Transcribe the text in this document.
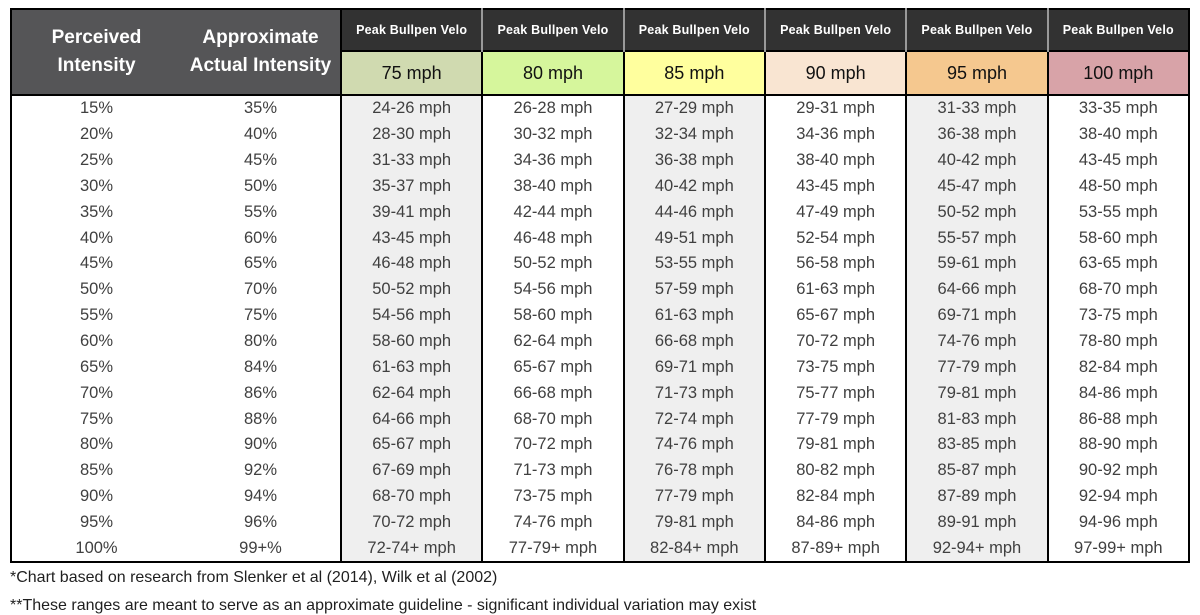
Perceived Intensity	Approximate Actual Intensity	Peak Bullpen Velo	Peak Bullpen Velo	Peak Bullpen Velo	Peak Bullpen Velo	Peak Bullpen Velo	Peak Bullpen Velo
		75 mph	80 mph	85 mph	90 mph	95 mph	100 mph
15%	35%	24-26 mph	26-28 mph	27-29 mph	29-31 mph	31-33 mph	33-35 mph
20%	40%	28-30 mph	30-32 mph	32-34 mph	34-36 mph	36-38 mph	38-40 mph
25%	45%	31-33 mph	34-36 mph	36-38 mph	38-40 mph	40-42 mph	43-45 mph
30%	50%	35-37 mph	38-40 mph	40-42 mph	43-45 mph	45-47 mph	48-50 mph
35%	55%	39-41 mph	42-44 mph	44-46 mph	47-49 mph	50-52 mph	53-55 mph
40%	60%	43-45 mph	46-48 mph	49-51 mph	52-54 mph	55-57 mph	58-60 mph
45%	65%	46-48 mph	50-52 mph	53-55 mph	56-58 mph	59-61 mph	63-65 mph
50%	70%	50-52 mph	54-56 mph	57-59 mph	61-63 mph	64-66 mph	68-70 mph
55%	75%	54-56 mph	58-60 mph	61-63 mph	65-67 mph	69-71 mph	73-75 mph
60%	80%	58-60 mph	62-64 mph	66-68 mph	70-72 mph	74-76 mph	78-80 mph
65%	84%	61-63 mph	65-67 mph	69-71 mph	73-75 mph	77-79 mph	82-84 mph
70%	86%	62-64 mph	66-68 mph	71-73 mph	75-77 mph	79-81 mph	84-86 mph
75%	88%	64-66 mph	68-70 mph	72-74 mph	77-79 mph	81-83 mph	86-88 mph
80%	90%	65-67 mph	70-72 mph	74-76 mph	79-81 mph	83-85 mph	88-90 mph
85%	92%	67-69 mph	71-73 mph	76-78 mph	80-82 mph	85-87 mph	90-92 mph
90%	94%	68-70 mph	73-75 mph	77-79 mph	82-84 mph	87-89 mph	92-94 mph
95%	96%	70-72 mph	74-76 mph	79-81 mph	84-86 mph	89-91 mph	94-96 mph
100%	99+%	72-74+ mph	77-79+ mph	82-84+ mph	87-89+ mph	92-94+ mph	97-99+ mph

*Chart based on research from Slenker et al (2014), Wilk et al (2002)

**These ranges are meant to serve as an approximate guideline - significant individual variation may exist
